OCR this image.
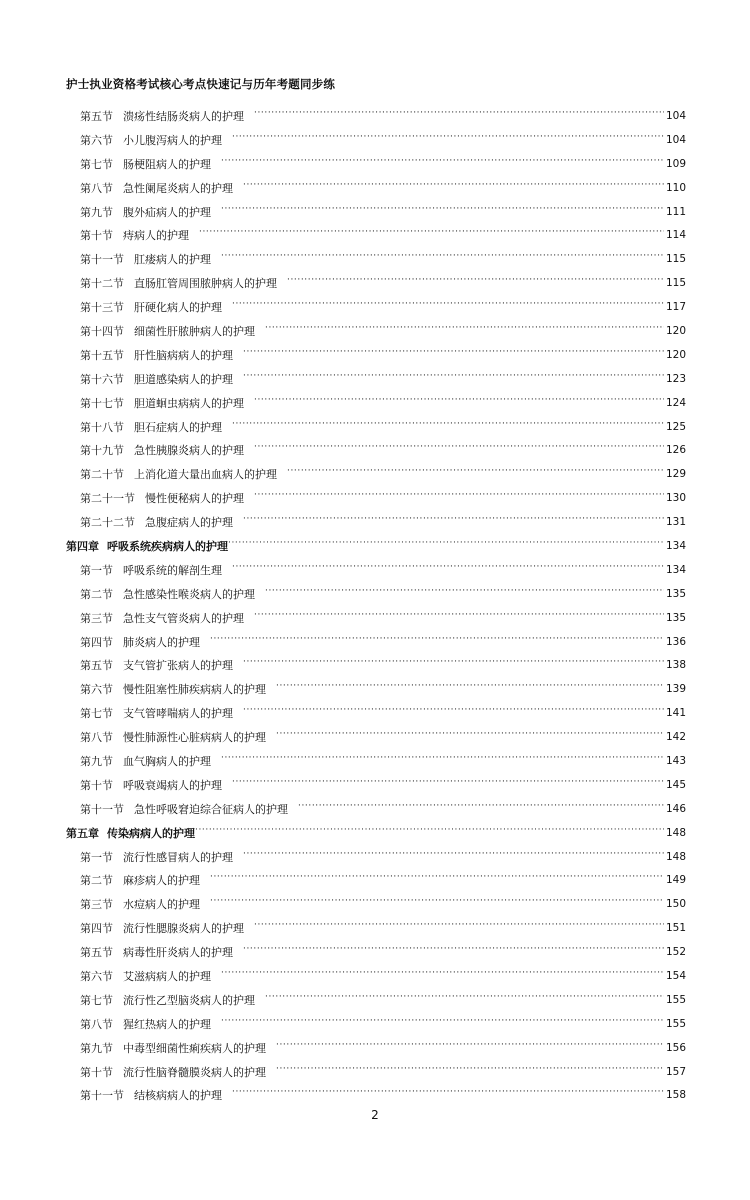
护士执业资格考试核心考点快速记与历年考题同步练
第五节 溃疡性结肠炎病人的护理 ·····	104
第六节 小儿腹泻病人的护理 ·····	104
第七节 肠梗阻病人的护理 ·····	109
第八节 急性阑尾炎病人的护理 ·····	110
第九节 腹外疝病人的护理 ·····	111
第十节 痔病人的护理 ·····	114
第十一节 肛瘘病人的护理 ·····	115
第十二节 直肠肛管周围脓肿病人的护理 ·····	115
第十三节 肝硬化病人的护理 ·····	117
第十四节 细菌性肝脓肿病人的护理 ·····	120
第十五节 肝性脑病病人的护理 ·····	120
第十六节 胆道感染病人的护理 ·····	123
第十七节 胆道蛔虫病病人的护理 ·····	124
第十八节 胆石症病人的护理 ·····	125
第十九节 急性胰腺炎病人的护理 ·····	126
第二十节 上消化道大量出血病人的护理 ·····	129
第二十一节 慢性便秘病人的护理 ·····	130
第二十二节 急腹症病人的护理 ·····	131
第四章 呼吸系统疾病病人的护理 ·····	134
第一节 呼吸系统的解剖生理 ·····	134
第二节 急性感染性喉炎病人的护理 ·····	135
第三节 急性支气管炎病人的护理 ·····	135
第四节 肺炎病人的护理 ·····	136
第五节 支气管扩张病人的护理 ·····	138
第六节 慢性阻塞性肺疾病病人的护理 ·····	139
第七节 支气管哮喘病人的护理 ·····	141
第八节 慢性肺源性心脏病病人的护理 ·····	142
第九节 血气胸病人的护理 ·····	143
第十节 呼吸衰竭病人的护理 ·····	145
第十一节 急性呼吸窘迫综合征病人的护理 ·····	146
第五章 传染病病人的护理 ·····	148
第一节 流行性感冒病人的护理 ·····	148
第二节 麻疹病人的护理 ·····	149
第三节 水痘病人的护理 ·····	150
第四节 流行性腮腺炎病人的护理 ·····	151
第五节 病毒性肝炎病人的护理 ·····	152
第六节 艾滋病病人的护理 ·····	154
第七节 流行性乙型脑炎病人的护理 ·····	155
第八节 猩红热病人的护理 ·····	155
第九节 中毒型细菌性痢疾病人的护理 ·····	156
第十节 流行性脑脊髓膜炎病人的护理 ·····	157
第十一节 结核病病人的护理 ·····	158
2
